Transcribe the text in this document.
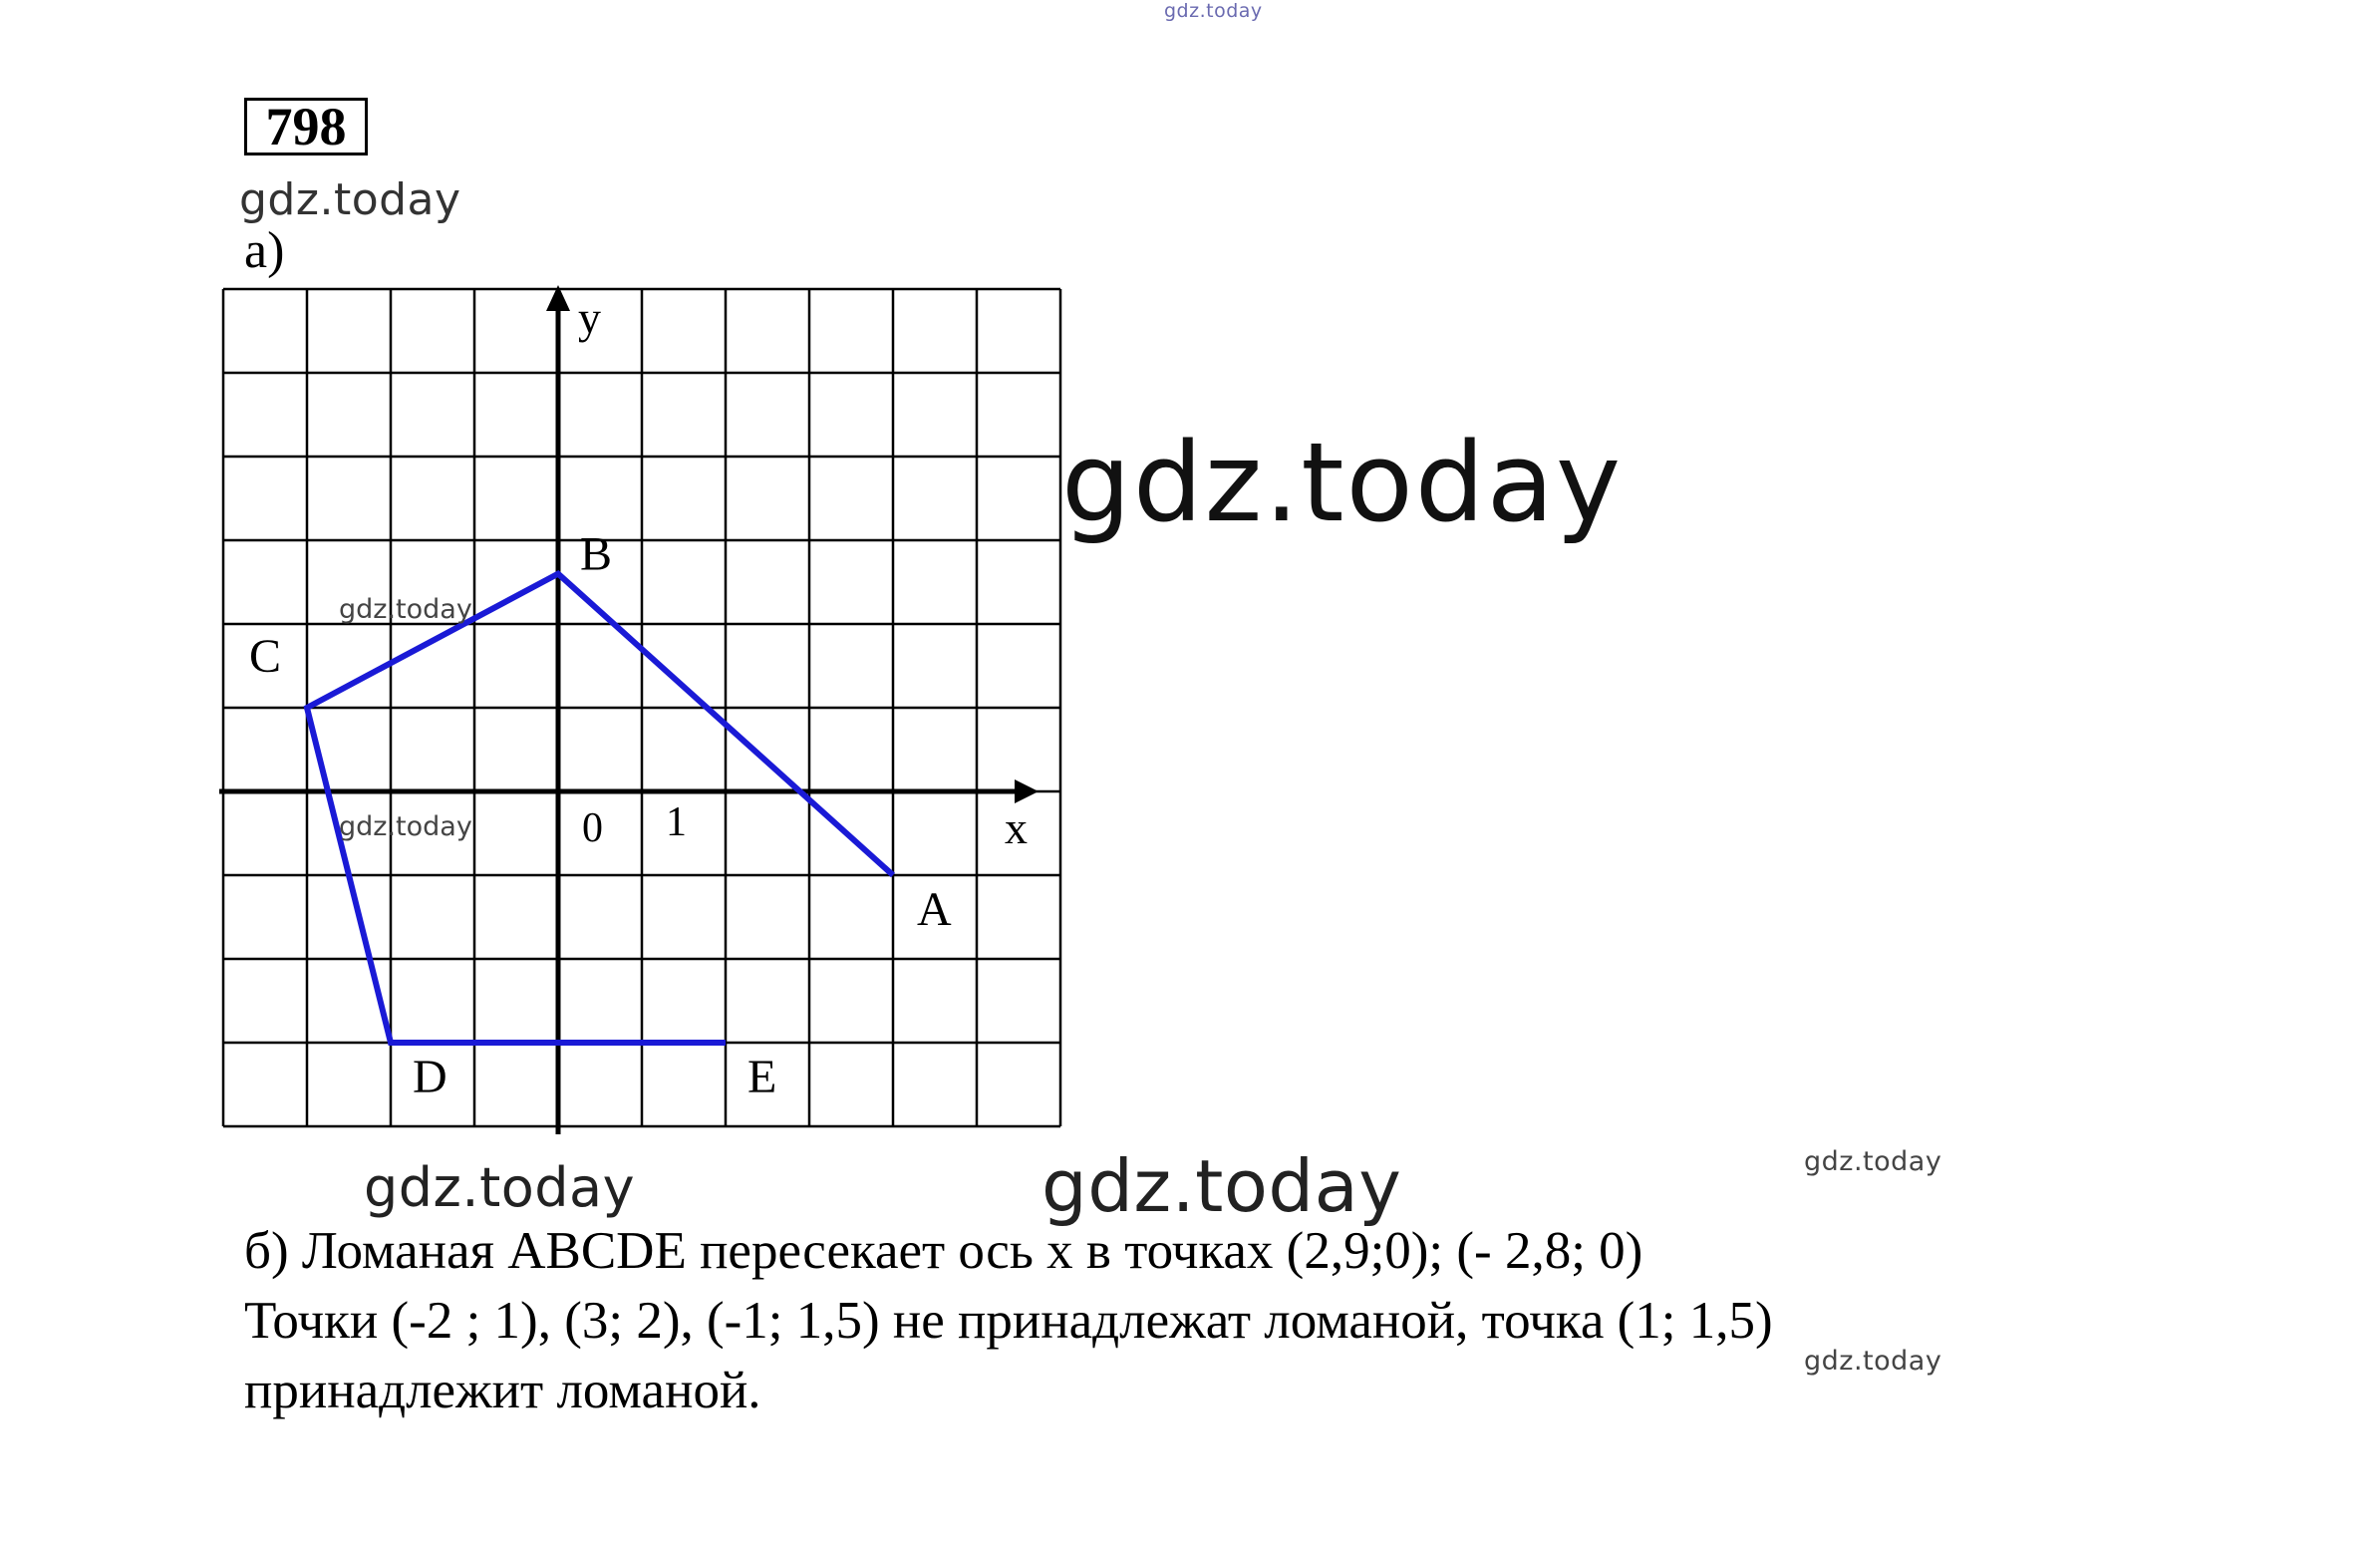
gdz.today
gdz.today
gdz.today
gdz.today	gdz.today	gdz.today
gdz.today
798
а)
x
y
0 1
A
B
C
D	E
gdz.today
gdz.today
б) Ломаная ABCDE пересекает ось x в точках (2,9;0); (- 2,8; 0)
Точки (-2 ; 1), (3; 2), (-1; 1,5) не принадлежат ломаной, точка (1; 1,5)
принадлежит ломаной.
